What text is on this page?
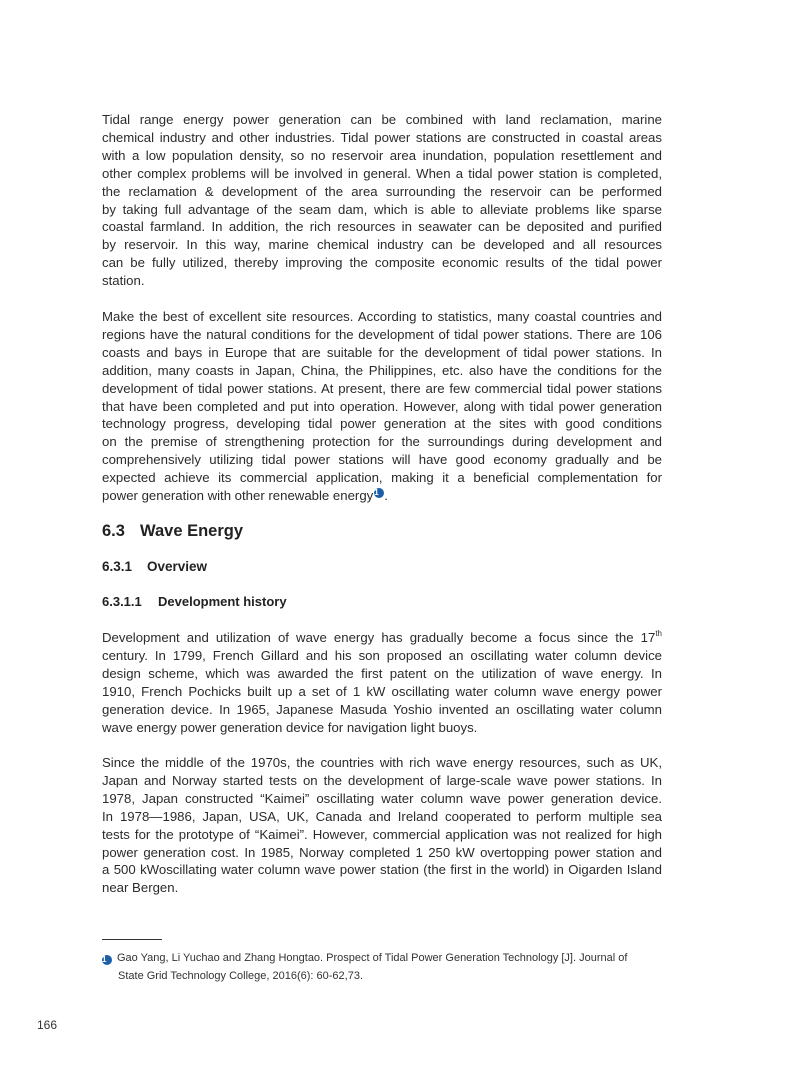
Tidal range energy power generation can be combined with land reclamation, marine
chemical industry and other industries. Tidal power stations are constructed in coastal areas
with a low population density, so no reservoir area inundation, population resettlement and
other complex problems will be involved in general. When a tidal power station is completed,
the reclamation & development of the area surrounding the reservoir can be performed
by taking full advantage of the seam dam, which is able to alleviate problems like sparse
coastal farmland. In addition, the rich resources in seawater can be deposited and purified
by reservoir. In this way, marine chemical industry can be developed and all resources
can be fully utilized, thereby improving the composite economic results of the tidal power
station.
Make the best of excellent site resources. According to statistics, many coastal countries and
regions have the natural conditions for the development of tidal power stations. There are 106
coasts and bays in Europe that are suitable for the development of tidal power stations. In
addition, many coasts in Japan, China, the Philippines, etc. also have the conditions for the
development of tidal power stations. At present, there are few commercial tidal power stations
that have been completed and put into operation. However, along with tidal power generation
technology progress, developing tidal power generation at the sites with good conditions
on the premise of strengthening protection for the surroundings during development and
comprehensively utilizing tidal power stations will have good economy gradually and be
expected achieve its commercial application, making it a beneficial complementation for
power generation with other renewable energy1 .
6.3 Wave Energy
6.3.1 Overview
6.3.1.1 Development history
Development and utilization of wave energy has gradually become a focus since the 17th
century. In 1799, French Gillard and his son proposed an oscillating water column device
design scheme, which was awarded the first patent on the utilization of wave energy. In
1910, French Pochicks built up a set of 1 kW oscillating water column wave energy power
generation device. In 1965, Japanese Masuda Yoshio invented an oscillating water column
wave energy power generation device for navigation light buoys.
Since the middle of the 1970s, the countries with rich wave energy resources, such as UK,
Japan and Norway started tests on the development of large-scale wave power stations. In
1978, Japan constructed “Kaimei” oscillating water column wave power generation device.
In 1978—1986, Japan, USA, UK, Canada and Ireland cooperated to perform multiple sea
tests for the prototype of “Kaimei”. However, commercial application was not realized for high
power generation cost. In 1985, Norway completed 1 250 kW overtopping power station and
a 500 kWoscillating water column wave power station (the first in the world) in Oigarden Island
near Bergen.
1 Gao Yang, Li Yuchao and Zhang Hongtao. Prospect of Tidal Power Generation Technology [J]. Journal of
State Grid Technology College, 2016(6): 60-62,73.
166
